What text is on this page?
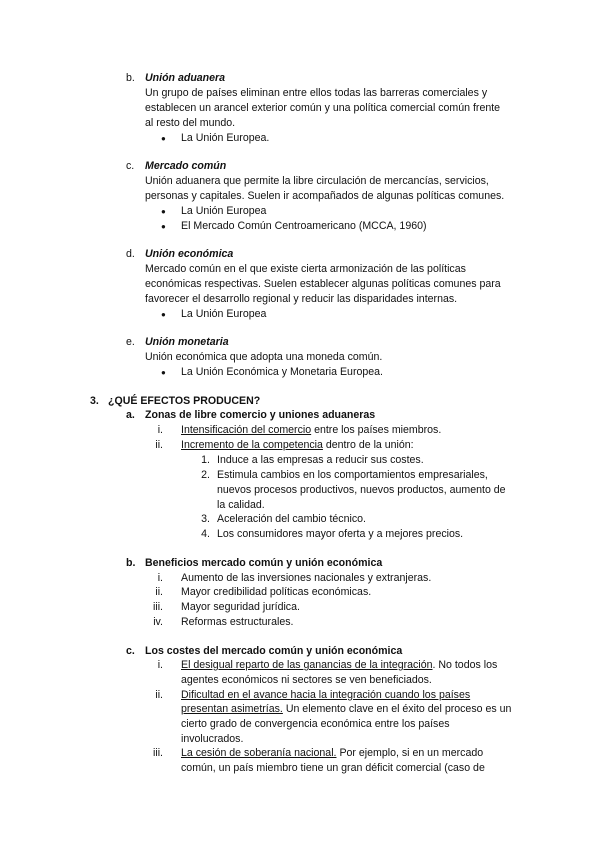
b. Unión aduanera
Un grupo de países eliminan entre ellos todas las barreras comerciales y
establecen un arancel exterior común y una política comercial común frente
al resto del mundo.
● La Unión Europea.
c. Mercado común
Unión aduanera que permite la libre circulación de mercancías, servicios,
personas y capitales. Suelen ir acompañados de algunas políticas comunes.
● La Unión Europea
● El Mercado Común Centroamericano (MCCA, 1960)
d. Unión económica
Mercado común en el que existe cierta armonización de las políticas
económicas respectivas. Suelen establecer algunas políticas comunes para
favorecer el desarrollo regional y reducir las disparidades internas.
● La Unión Europea
e. Unión monetaria
Unión económica que adopta una moneda común.
● La Unión Económica y Monetaria Europea.
3. ¿QUÉ EFECTOS PRODUCEN?
a. Zonas de libre comercio y uniones aduaneras
i. Intensificación del comercio entre los países miembros.
ii. Incremento de la competencia dentro de la unión:
1. Induce a las empresas a reducir sus costes.
2. Estimula cambios en los comportamientos empresariales,
nuevos procesos productivos, nuevos productos, aumento de
la calidad.
3. Aceleración del cambio técnico.
4. Los consumidores mayor oferta y a mejores precios.
b. Beneficios mercado común y unión económica
i. Aumento de las inversiones nacionales y extranjeras.
ii. Mayor credibilidad políticas económicas.
iii. Mayor seguridad jurídica.
iv. Reformas estructurales.
c. Los costes del mercado común y unión económica
i. El desigual reparto de las ganancias de la integración. No todos los
agentes económicos ni sectores se ven beneficiados.
ii. Dificultad en el avance hacia la integración cuando los países
presentan asimetrías. Un elemento clave en el éxito del proceso es un
cierto grado de convergencia económica entre los países
involucrados.
iii. La cesión de soberanía nacional. Por ejemplo, si en un mercado
común, un país miembro tiene un gran déficit comercial (caso de
